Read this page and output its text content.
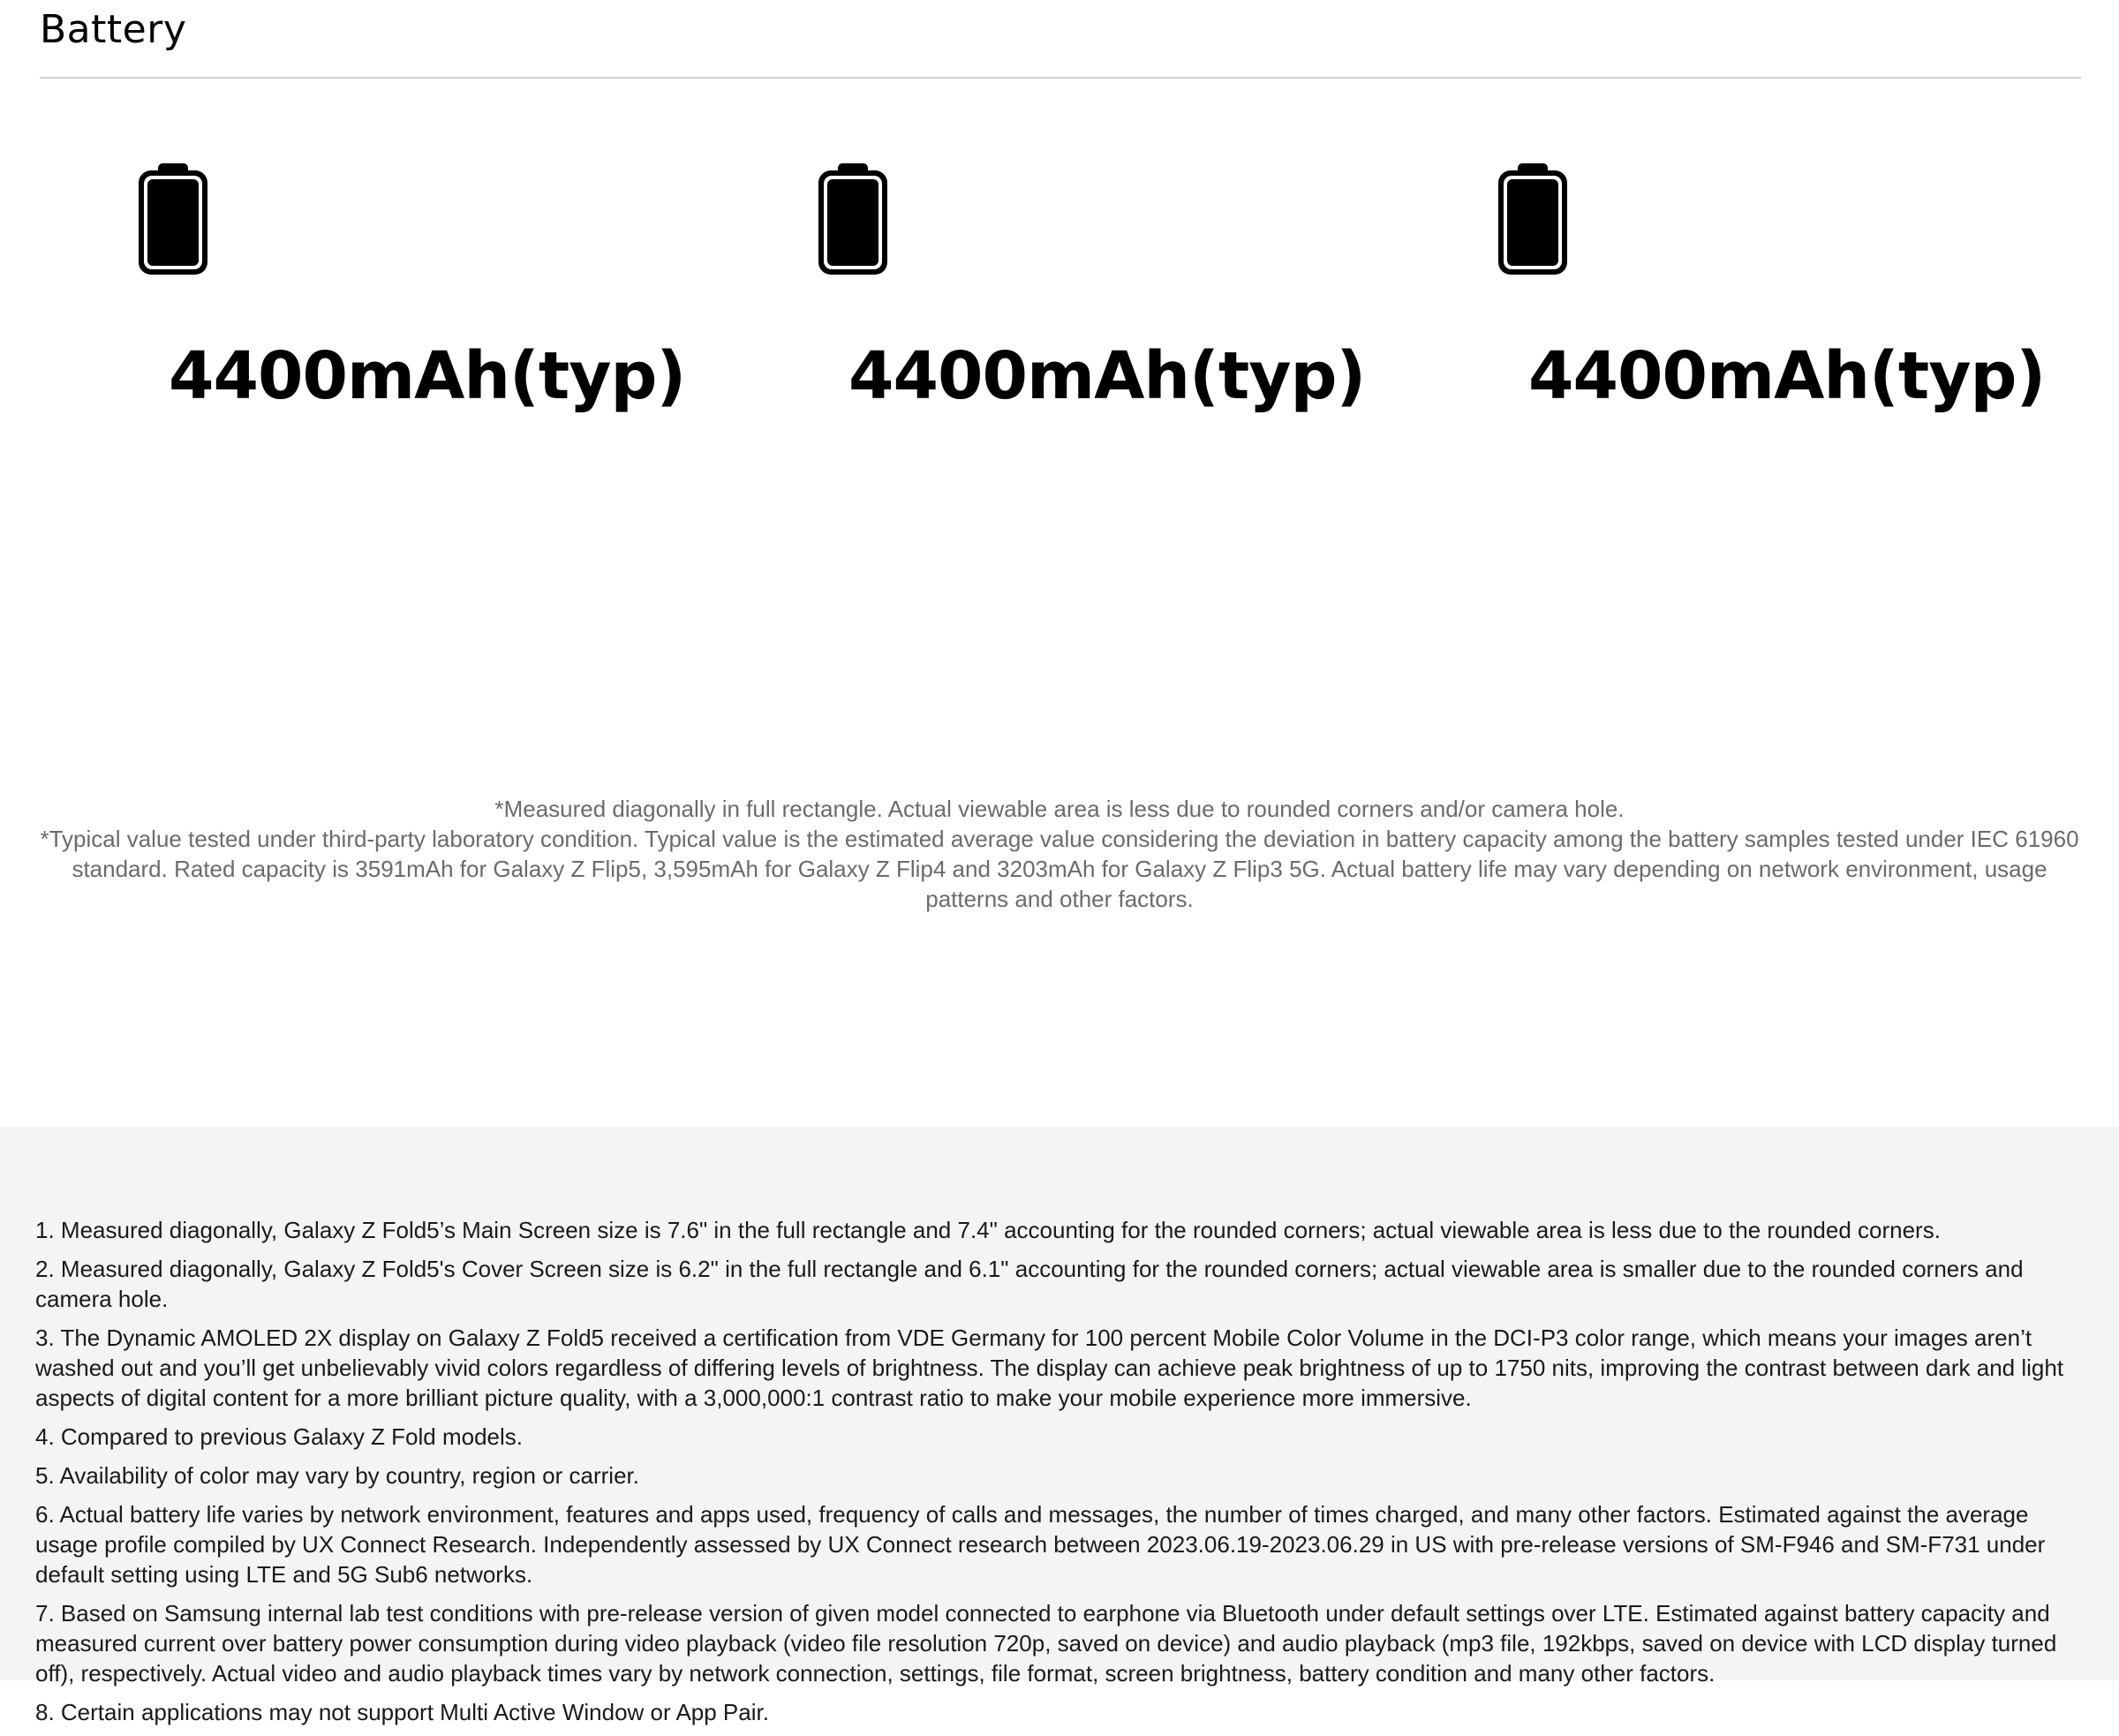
Battery
4400mAh(typ) 4400mAh(typ) 4400mAh(typ)

*Measured diagonally in full rectangle. Actual viewable area is less due to rounded corners and/or camera hole.

*Typical value tested under third-party laboratory condition. Typical value is the estimated average value considering the deviation in battery capacity among the battery samples tested under IEC 61960 standard. Rated capacity is 3591mAh for Galaxy Z Flip5, 3,595mAh for Galaxy Z Flip4 and 3203mAh for Galaxy Z Flip3 5G. Actual battery life may vary depending on network environment, usage patterns and other factors.

1. Measured diagonally, Galaxy Z Fold5’s Main Screen size is 7.6" in the full rectangle and 7.4" accounting for the rounded corners; actual viewable area is less due to the rounded corners.
2. Measured diagonally, Galaxy Z Fold5's Cover Screen size is 6.2" in the full rectangle and 6.1" accounting for the rounded corners; actual viewable area is smaller due to the rounded corners and camera hole.
3. The Dynamic AMOLED 2X display on Galaxy Z Fold5 received a certification from VDE Germany for 100 percent Mobile Color Volume in the DCI-P3 color range, which means your images aren’t washed out and you’ll get unbelievably vivid colors regardless of differing levels of brightness. The display can achieve peak brightness of up to 1750 nits, improving the contrast between dark and light aspects of digital content for a more brilliant picture quality, with a 3,000,000:1 contrast ratio to make your mobile experience more immersive.
4. Compared to previous Galaxy Z Fold models.
5. Availability of color may vary by country, region or carrier.
6. Actual battery life varies by network environment, features and apps used, frequency of calls and messages, the number of times charged, and many other factors. Estimated against the average usage profile compiled by UX Connect Research. Independently assessed by UX Connect research between 2023.06.19-2023.06.29 in US with pre-release versions of SM-F946 and SM-F731 under default setting using LTE and 5G Sub6 networks.
7. Based on Samsung internal lab test conditions with pre-release version of given model connected to earphone via Bluetooth under default settings over LTE. Estimated against battery capacity and measured current over battery power consumption during video playback (video file resolution 720p, saved on device) and audio playback (mp3 file, 192kbps, saved on device with LCD display turned off), respectively. Actual video and audio playback times vary by network connection, settings, file format, screen brightness, battery condition and many other factors.
8. Certain applications may not support Multi Active Window or App Pair.
